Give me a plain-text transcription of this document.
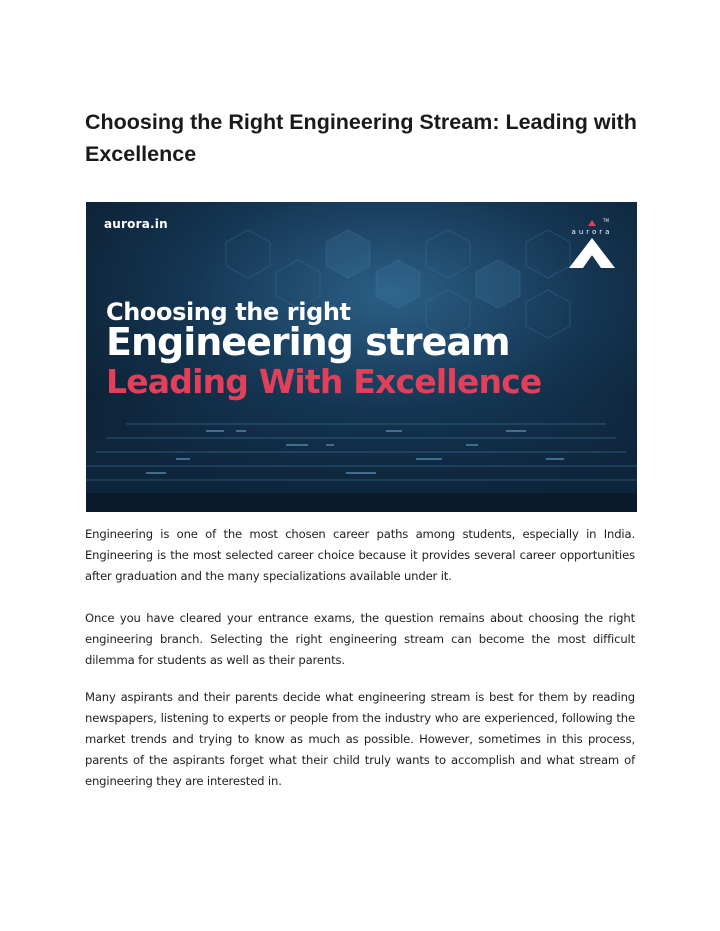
Choosing the Right Engineering Stream: Leading with Excellence
aurora.in	TM
aurora
TEMPLE OF LEARNING
Choosing the right
Engineering stream
Leading With Excellence

Engineering is one of the most chosen career paths among students, especially in India. Engineering is the most selected career choice because it provides several career opportunities after graduation and the many specializations available under it.

Once you have cleared your entrance exams, the question remains about choosing the right engineering branch. Selecting the right engineering stream can become the most difficult dilemma for students as well as their parents.

Many aspirants and their parents decide what engineering stream is best for them by reading newspapers, listening to experts or people from the industry who are experienced, following the market trends and trying to know as much as possible. However, sometimes in this process, parents of the aspirants forget what their child truly wants to accomplish and what stream of engineering they are interested in.
